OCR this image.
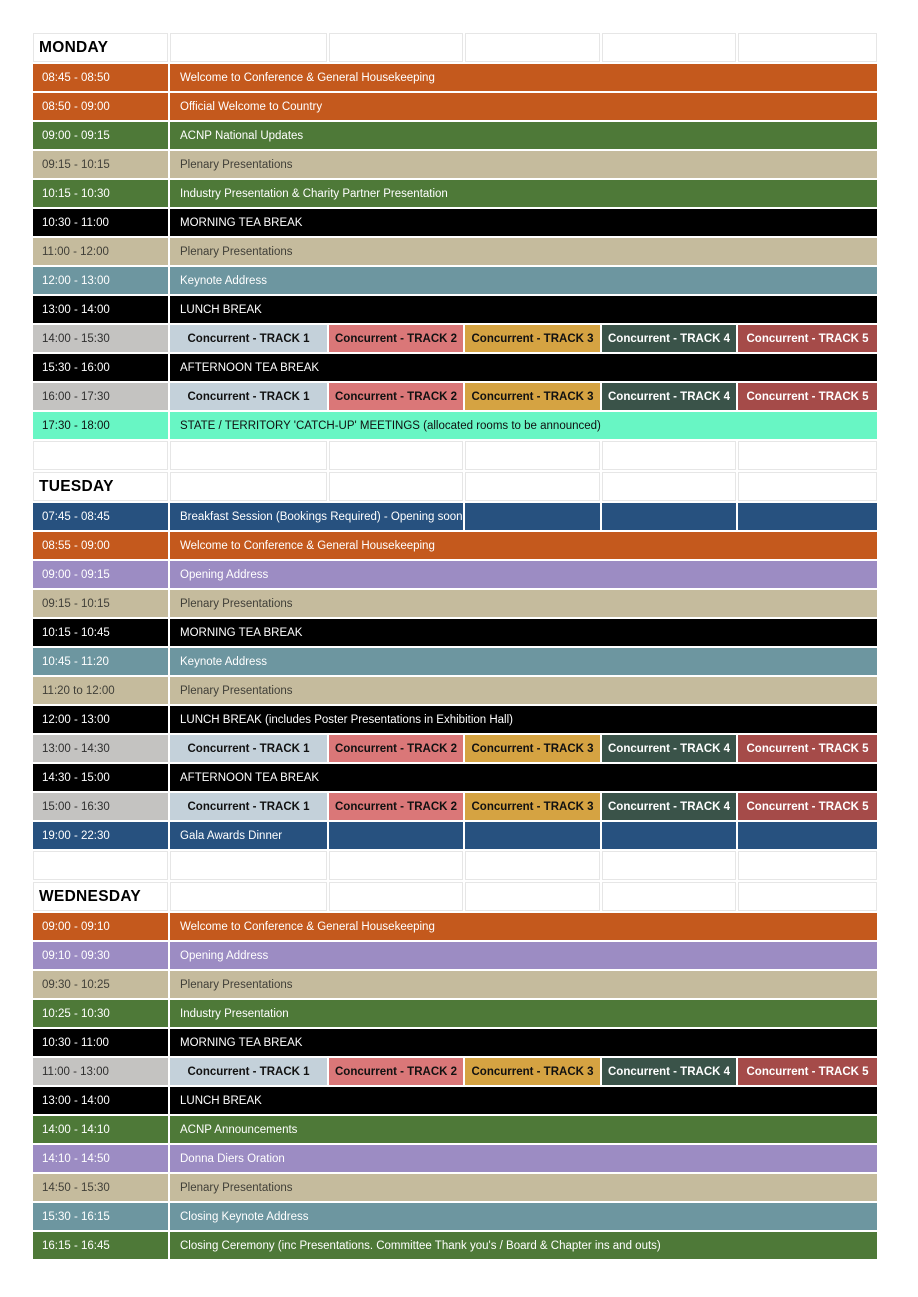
MONDAY					
08:45 - 08:50	Welcome to Conference & General Housekeeping				
08:50 - 09:00	Official Welcome to Country				
09:00 - 09:15	ACNP National Updates				
09:15 - 10:15	Plenary Presentations				
10:15 - 10:30	Industry Presentation & Charity Partner Presentation				
10:30 - 11:00	MORNING TEA BREAK				
11:00 - 12:00	Plenary Presentations				
12:00 - 13:00	Keynote Address				
13:00 - 14:00	LUNCH BREAK				
14:00 - 15:30	Concurrent - TRACK 1	Concurrent - TRACK 2	Concurrent - TRACK 3	Concurrent - TRACK 4	Concurrent - TRACK 5
15:30 - 16:00	AFTERNOON TEA BREAK				
16:00 - 17:30	Concurrent - TRACK 1	Concurrent - TRACK 2	Concurrent - TRACK 3	Concurrent - TRACK 4	Concurrent - TRACK 5
17:30 - 18:00	STATE / TERRITORY 'CATCH-UP' MEETINGS (allocated rooms to be announced)				

TUESDAY					
07:45 - 08:45	Breakfast Session (Bookings Required) - Opening soon				
08:55 - 09:00	Welcome to Conference & General Housekeeping				
09:00 - 09:15	Opening Address				
09:15 - 10:15	Plenary Presentations				
10:15 - 10:45	MORNING TEA BREAK				
10:45 - 11:20	Keynote Address				
11:20 to 12:00	Plenary Presentations				
12:00 - 13:00	LUNCH BREAK (includes Poster Presentations in Exhibition Hall)				
13:00 - 14:30	Concurrent - TRACK 1	Concurrent - TRACK 2	Concurrent - TRACK 3	Concurrent - TRACK 4	Concurrent - TRACK 5
14:30 - 15:00	AFTERNOON TEA BREAK				
15:00 - 16:30	Concurrent - TRACK 1	Concurrent - TRACK 2	Concurrent - TRACK 3	Concurrent - TRACK 4	Concurrent - TRACK 5
19:00 - 22:30	Gala Awards Dinner				

WEDNESDAY					
09:00 - 09:10	Welcome to Conference & General Housekeeping				
09:10 - 09:30	Opening Address				
09:30 - 10:25	Plenary Presentations				
10:25 - 10:30	Industry Presentation				
10:30 - 11:00	MORNING TEA BREAK				
11:00 - 13:00	Concurrent - TRACK 1	Concurrent - TRACK 2	Concurrent - TRACK 3	Concurrent - TRACK 4	Concurrent - TRACK 5
13:00 - 14:00	LUNCH BREAK				
14:00 - 14:10	ACNP Announcements				
14:10 - 14:50	Donna Diers Oration				
14:50 - 15:30	Plenary Presentations				
15:30 - 16:15	Closing Keynote Address				
16:15 - 16:45	Closing Ceremony (inc Presentations. Committee Thank you's / Board & Chapter ins and outs)				
